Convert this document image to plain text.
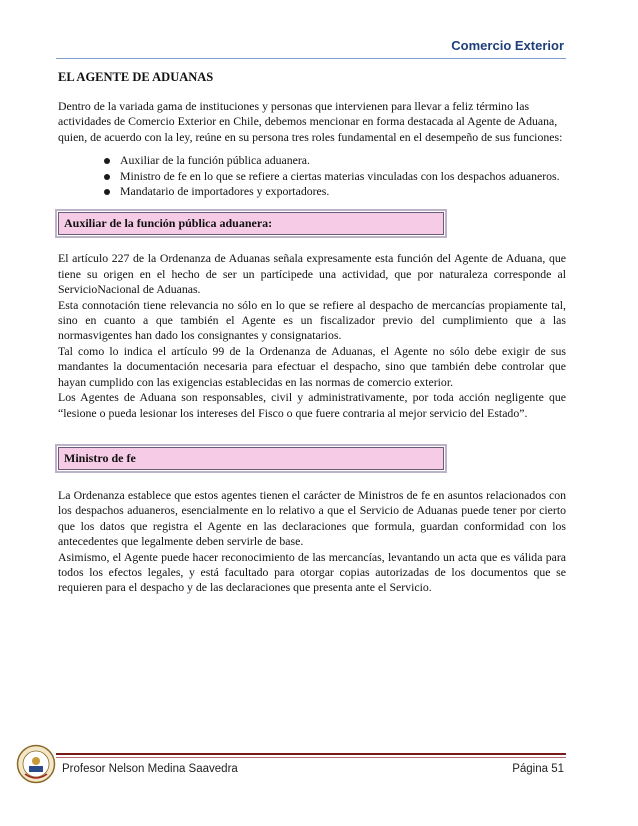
Comercio Exterior
EL AGENTE DE ADUANAS

Dentro de la variada gama de instituciones y personas que intervienen para llevar a feliz término las actividades de Comercio Exterior en Chile, debemos mencionar en forma destacada al Agente de Aduana, quien, de acuerdo con la ley, reúne en su persona tres roles fundamental en el desempeño de sus funciones:

Auxiliar de la función pública aduanera.
Ministro de fe en lo que se refiere a ciertas materias vinculadas con los despachos aduaneros.
Mandatario de importadores y exportadores.
Auxiliar de la función pública aduanera:

El artículo 227 de la Ordenanza de Aduanas señala expresamente esta función del Agente de Aduana, que tiene su origen en el hecho de ser un partícipede una actividad, que por naturaleza corresponde al ServicioNacional de Aduanas.

Esta connotación tiene relevancia no sólo en lo que se refiere al despacho de mercancías propiamente tal, sino en cuanto a que también el Agente es un fiscalizador previo del cumplimiento que a las normasvigentes han dado los consignantes y consignatarios.

Tal como lo indica el artículo 99 de la Ordenanza de Aduanas, el Agente no sólo debe exigir de sus mandantes la documentación necesaria para efectuar el despacho, sino que también debe controlar que hayan cumplido con las exigencias establecidas en las normas de comercio exterior.

Los Agentes de Aduana son responsables, civil y administrativamente, por toda acción negligente que “lesione o pueda lesionar los intereses del Fisco o que fuere contraria al mejor servicio del Estado”.

Ministro de fe

La Ordenanza establece que estos agentes tienen el carácter de Ministros de fe en asuntos relacionados con los despachos aduaneros, esencialmente en lo relativo a que el Servicio de Aduanas puede tener por cierto que los datos que registra el Agente en las declaraciones que formula, guardan conformidad con los antecedentes que legalmente deben servirle de base.

Asimismo, el Agente puede hacer reconocimiento de las mercancías, levantando un acta que es válida para todos los efectos legales, y está facultado para otorgar copias autorizadas de los documentos que se requieren para el despacho y de las declaraciones que presenta ante el Servicio.

Profesor Nelson Medina Saavedra	Página 51
